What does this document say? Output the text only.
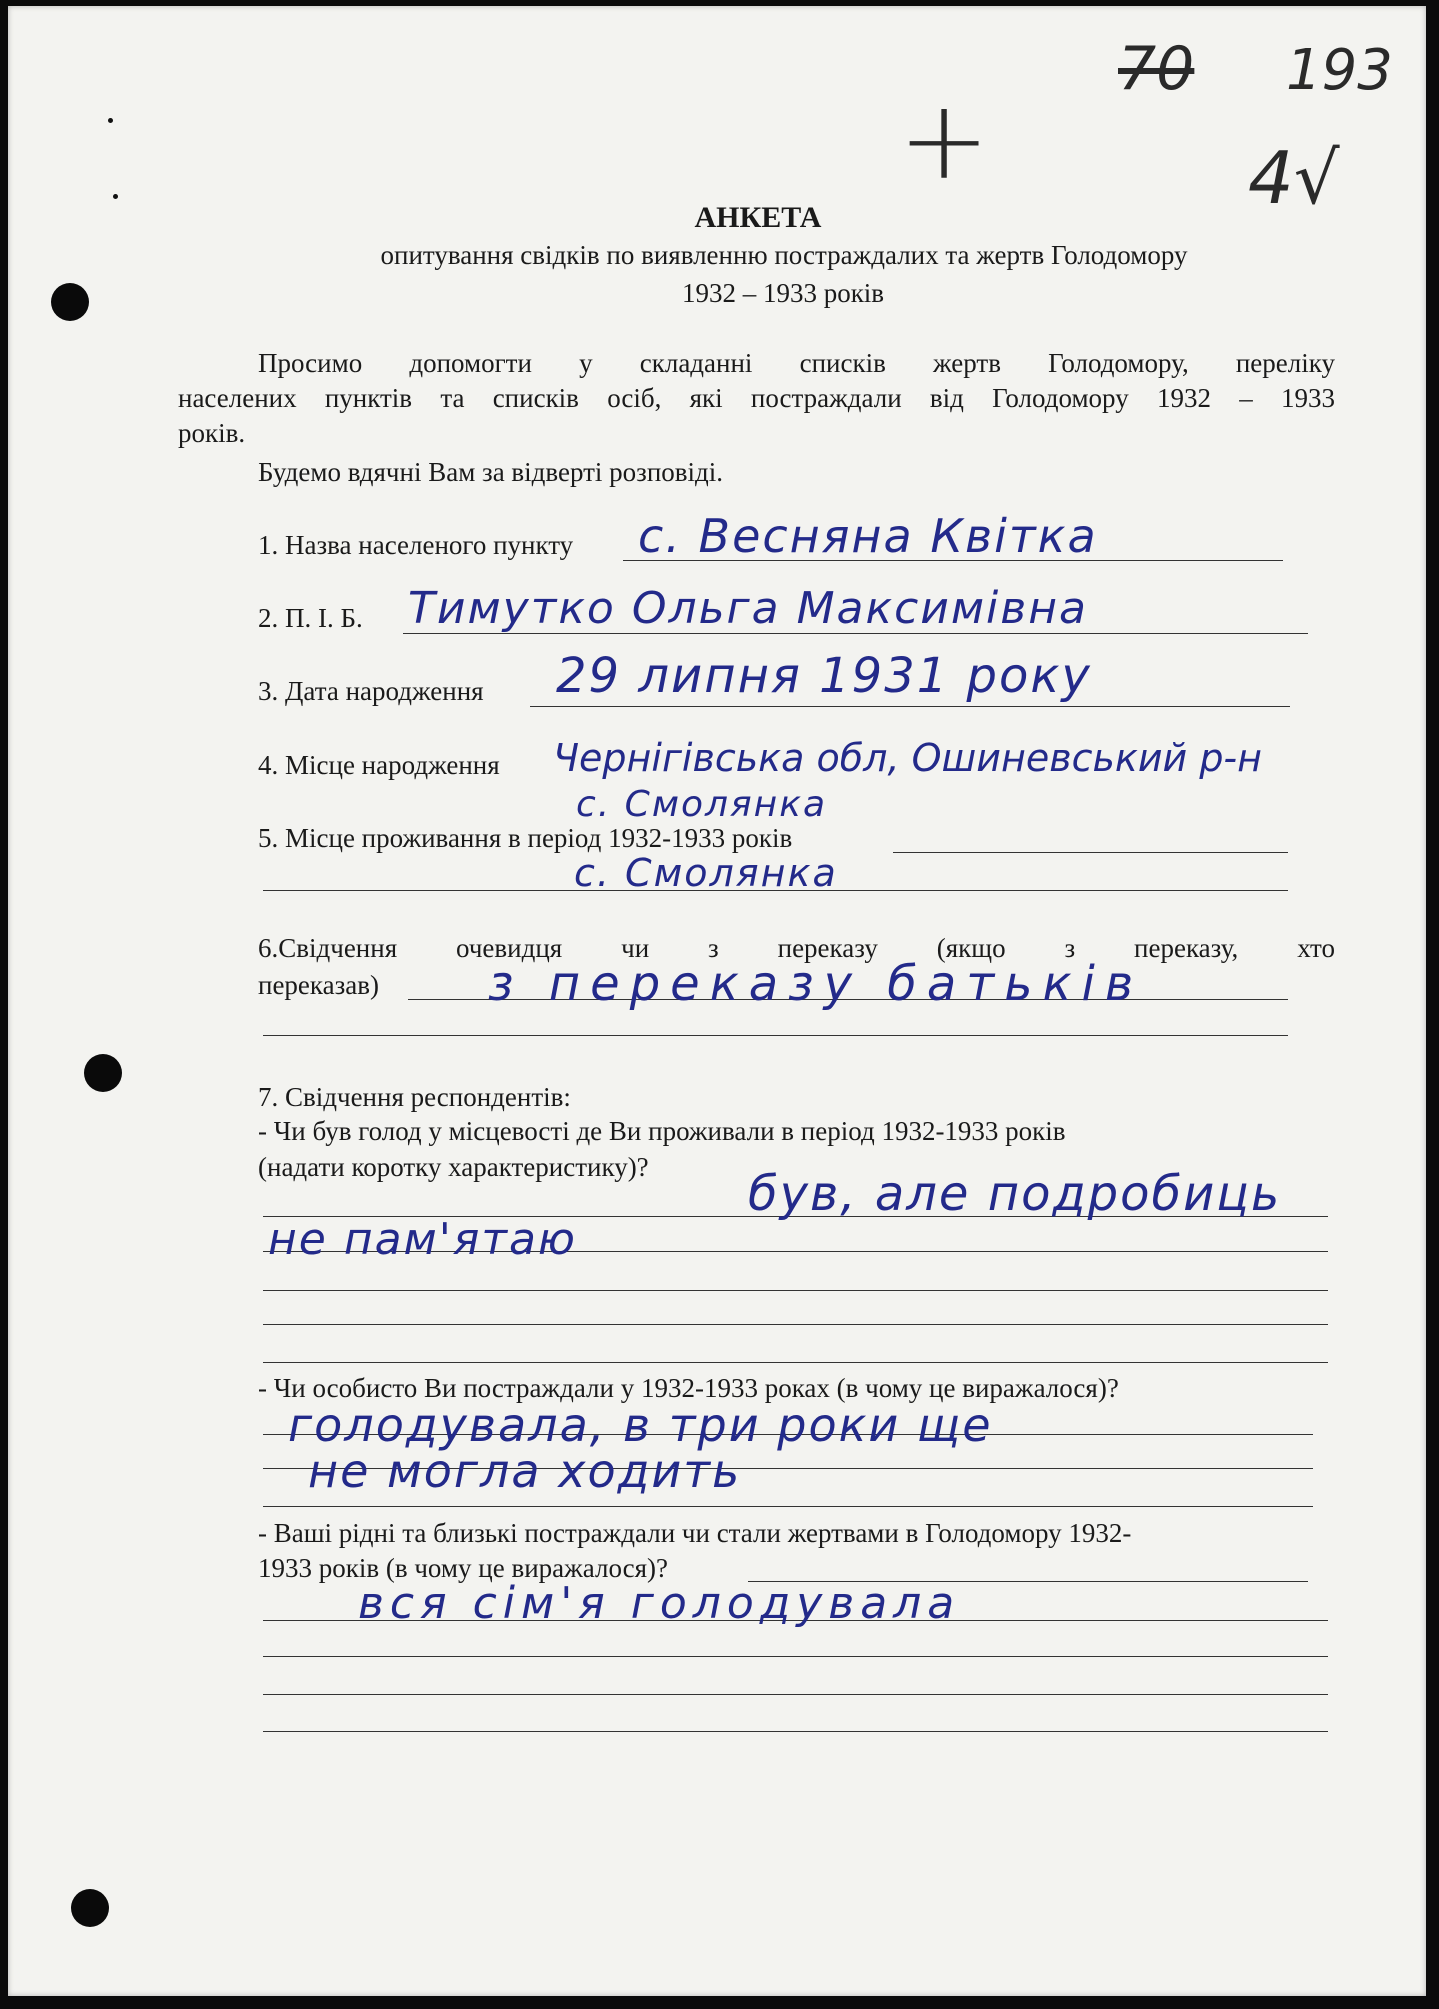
+
70 193
4√
АНКЕТА
опитування свідків по виявленню постраждалих та жертв Голодомору
1932 – 1933 років
Просимо допомогти у складанні списків жертв Голодомору, переліку
населених пунктів та списків осіб, які постраждали від Голодомору 1932 – 1933
років.
Будемо вдячні Вам за відверті розповіді.
1. Назва населеного пункту с. Весняна Квітка
2. П. І. Б. Тимутко Ольга Максимівна
3. Дата народження 29 липня 1931 року
4. Місце народження Чернігівська обл, Ошиневський р-н
с. Смолянка
5. Місце проживання в період 1932-1933 років
с. Смолянка
6.Свідчення очевидця чи з переказу (якщо з переказу, хто
переказав) з переказу батьків
7. Свідчення респондентів:
- Чи був голод у місцевості де Ви проживали в період 1932-1933 років
(надати коротку характеристику)? був, але подробиць
не пам'ятаю
- Чи особисто Ви постраждали у 1932-1933 роках (в чому це виражалося)?
голодувала, в три роки ще
не могла ходить
- Ваші рідні та близькі постраждали чи стали жертвами в Голодомору 1932-
1933 років (в чому це виражалося)?
вся сім'я голодувала
